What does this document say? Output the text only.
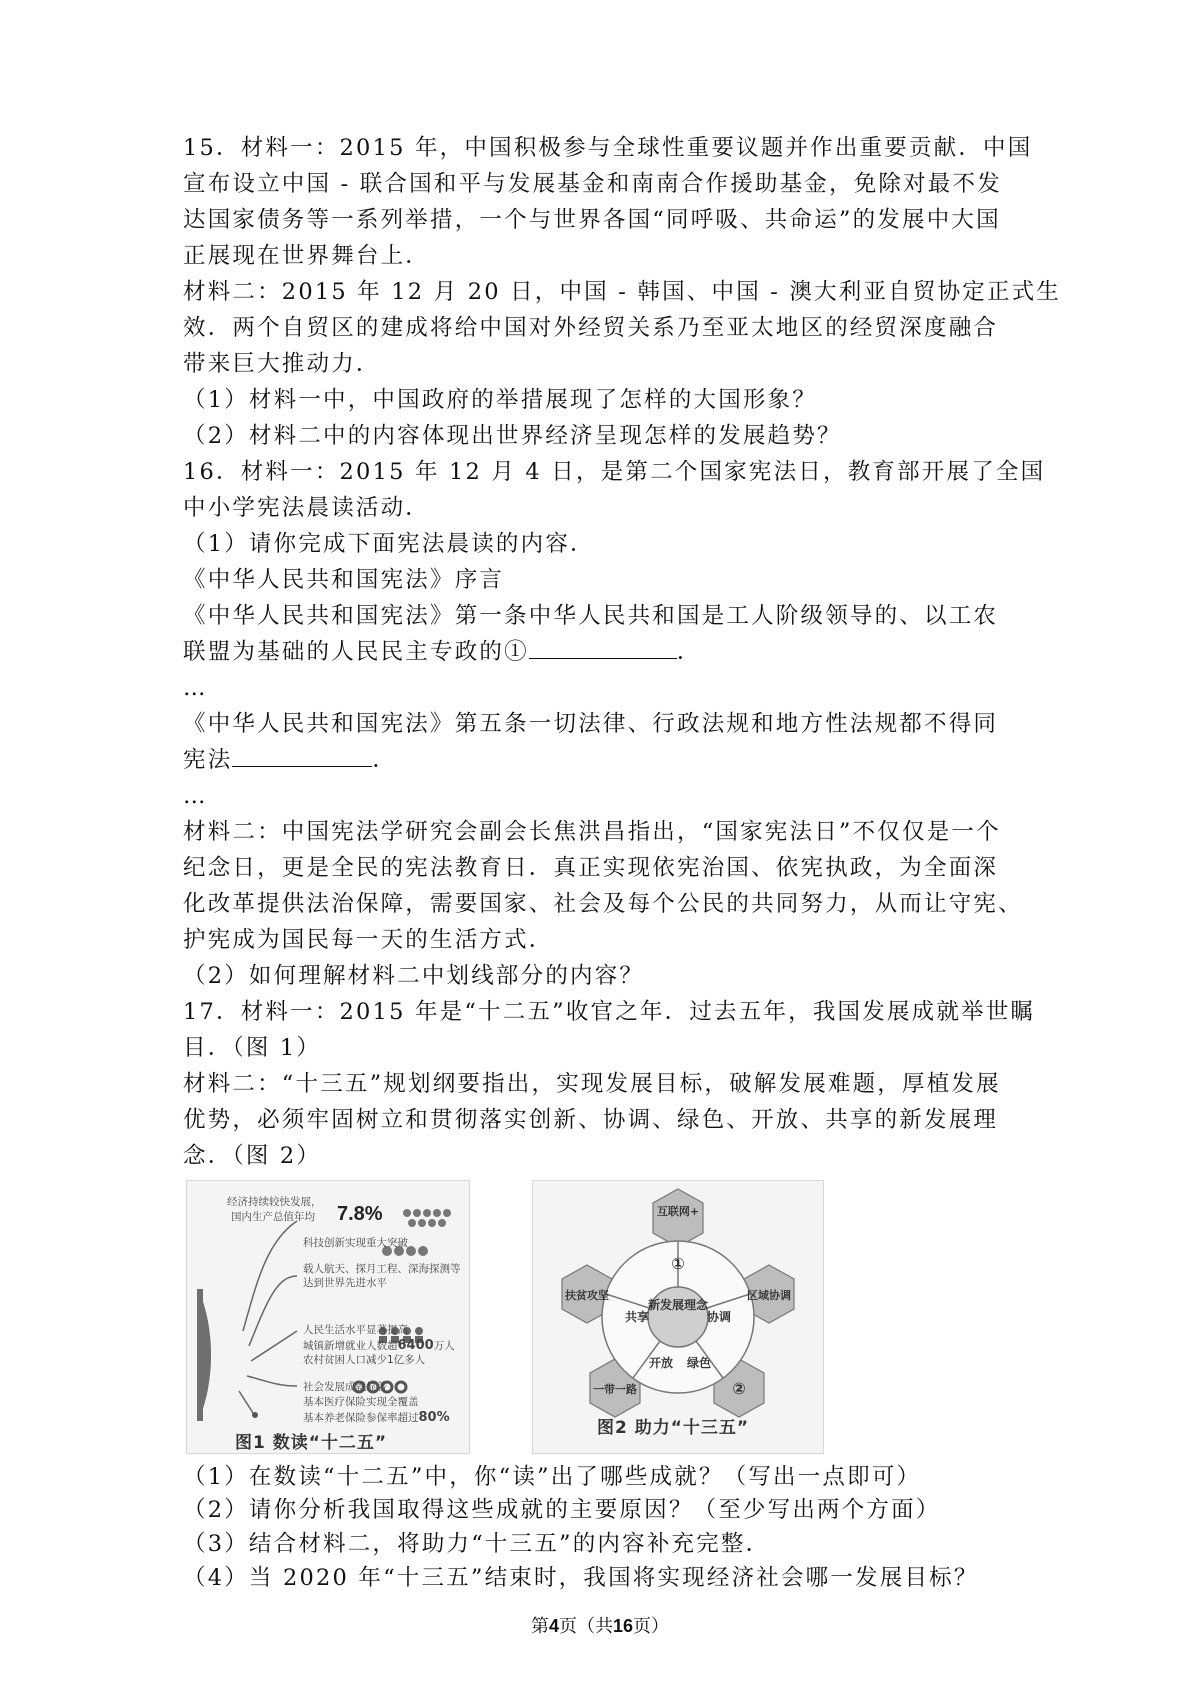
15．材料一：2015 年，中国积极参与全球性重要议题并作出重要贡献．中国
宣布设立中国 - 联合国和平与发展基金和南南合作援助基金，免除对最不发
达国家债务等一系列举措，一个与世界各国“同呼吸、共命运”的发展中大国
正展现在世界舞台上．
材料二：2015 年 12 月 20 日，中国 - 韩国、中国 - 澳大利亚自贸协定正式生
效．两个自贸区的建成将给中国对外经贸关系乃至亚太地区的经贸深度融合
带来巨大推动力．
（1）材料一中，中国政府的举措展现了怎样的大国形象？
（2）材料二中的内容体现出世界经济呈现怎样的发展趋势？
16．材料一：2015 年 12 月 4 日，是第二个国家宪法日，教育部开展了全国
中小学宪法晨读活动．
（1）请你完成下面宪法晨读的内容．
《中华人民共和国宪法》序言
《中华人民共和国宪法》第一条中华人民共和国是工人阶级领导的、以工农
联盟为基础的人民民主专政的①	．
…
《中华人民共和国宪法》第五条一切法律、行政法规和地方性法规都不得同
宪法	．
…
材料二：中国宪法学研究会副会长焦洪昌指出，“国家宪法日”不仅仅是一个
纪念日，更是全民的宪法教育日．真正实现依宪治国、依宪执政，为全面深
化改革提供法治保障，需要国家、社会及每个公民的共同努力，从而让守宪、
护宪成为国民每一天的生活方式．
（2）如何理解材料二中划线部分的内容？
17．材料一：2015 年是“十二五”收官之年．过去五年，我国发展成就举世瞩
目．（图 1）
材料二：“十三五”规划纲要指出，实现发展目标，破解发展难题，厚植发展
优势，必须牢固树立和贯彻落实创新、协调、绿色、开放、共享的新发展理
念．（图 2）
经济持续较快发展，
国内生产总值年均 7.8%
科技创新实现重大突破
载人航天、探月工程、深海探测等
达到世界先进水平
人民生活水平显著提高
城镇新增就业人数超6400万人
农村贫困人口减少1亿多人
社会发展成就显著
基本医疗保险实现全覆盖
基本养老保险参保率超过80%
图1 数读“十二五”
新发展理念
①
共享	协调
开放 绿色
互联网+
扶贫攻坚	区域协调
一带一路	②
图2 助力“十三五”
（1）在数读“十二五”中，你“读”出了哪些成就？（写出一点即可）
（2）请你分析我国取得这些成就的主要原因？（至少写出两个方面）
（3）结合材料二，将助力“十三五”的内容补充完整．
（4）当 2020 年“十三五”结束时，我国将实现经济社会哪一发展目标？
第4页（共16页）
